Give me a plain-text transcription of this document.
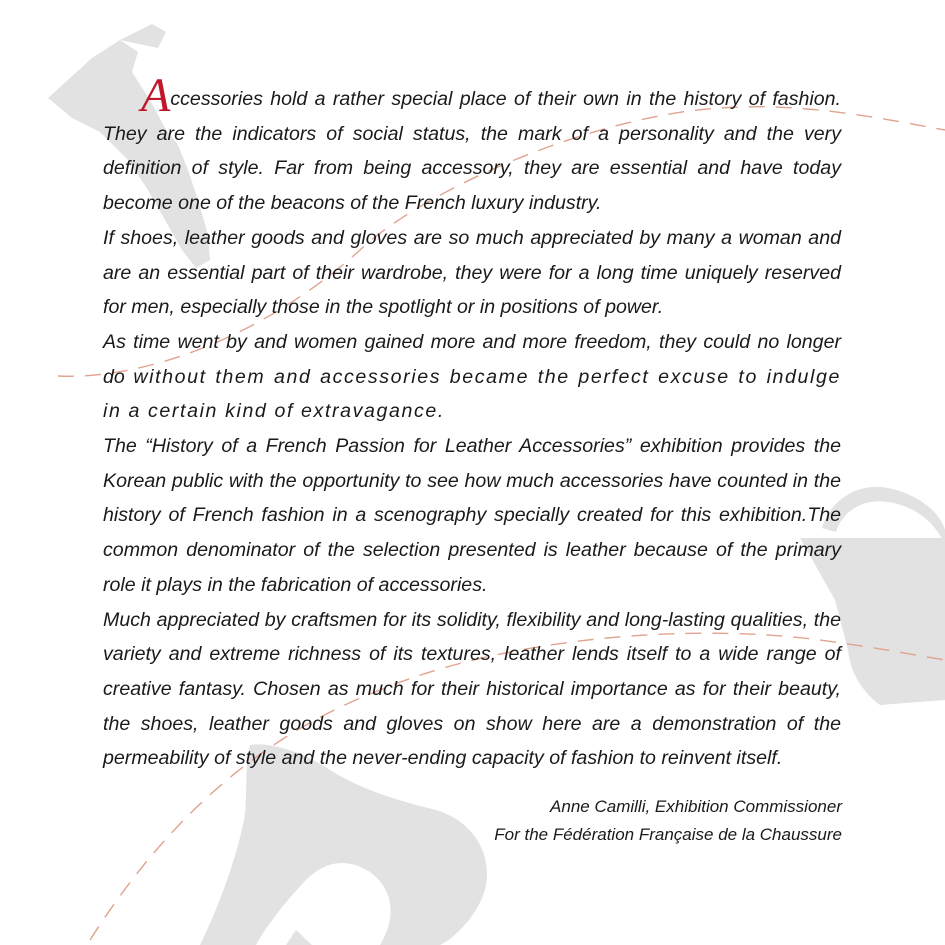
Accessories hold a rather special place of their own in the history of fashion. They are the indicators of social status, the mark of a personality and the very definition of style. Far from being accessory, they are essential and have today become one of the beacons of the French luxury industry.

If shoes, leather goods and gloves are so much appreciated by many a woman and are an essential part of their wardrobe, they were for a long time uniquely reserved for men, especially those in the spotlight or in positions of power.

As time went by and women gained more and more freedom, they could no longer do without them and accessories became the perfect excuse to indulge in a certain kind of extravagance.

The “History of a French Passion for Leather Accessories” exhibition provides the Korean public with the opportunity to see how much accessories have counted in the history of French fashion in a scenography specially created for this exhibition.The common denominator of the selection presented is leather because of the primary role it plays in the fabrication of accessories.

Much appreciated by craftsmen for its solidity, flexibility and long-lasting qualities, the variety and extreme richness of its textures, leather lends itself to a wide range of creative fantasy. Chosen as much for their historical importance as for their beauty, the shoes, leather goods and gloves on show here are a demonstration of the permeability of style and the never-ending capacity of fashion to reinvent itself.

Anne Camilli, Exhibition Commissioner
For the Fédération Française de la Chaussure
